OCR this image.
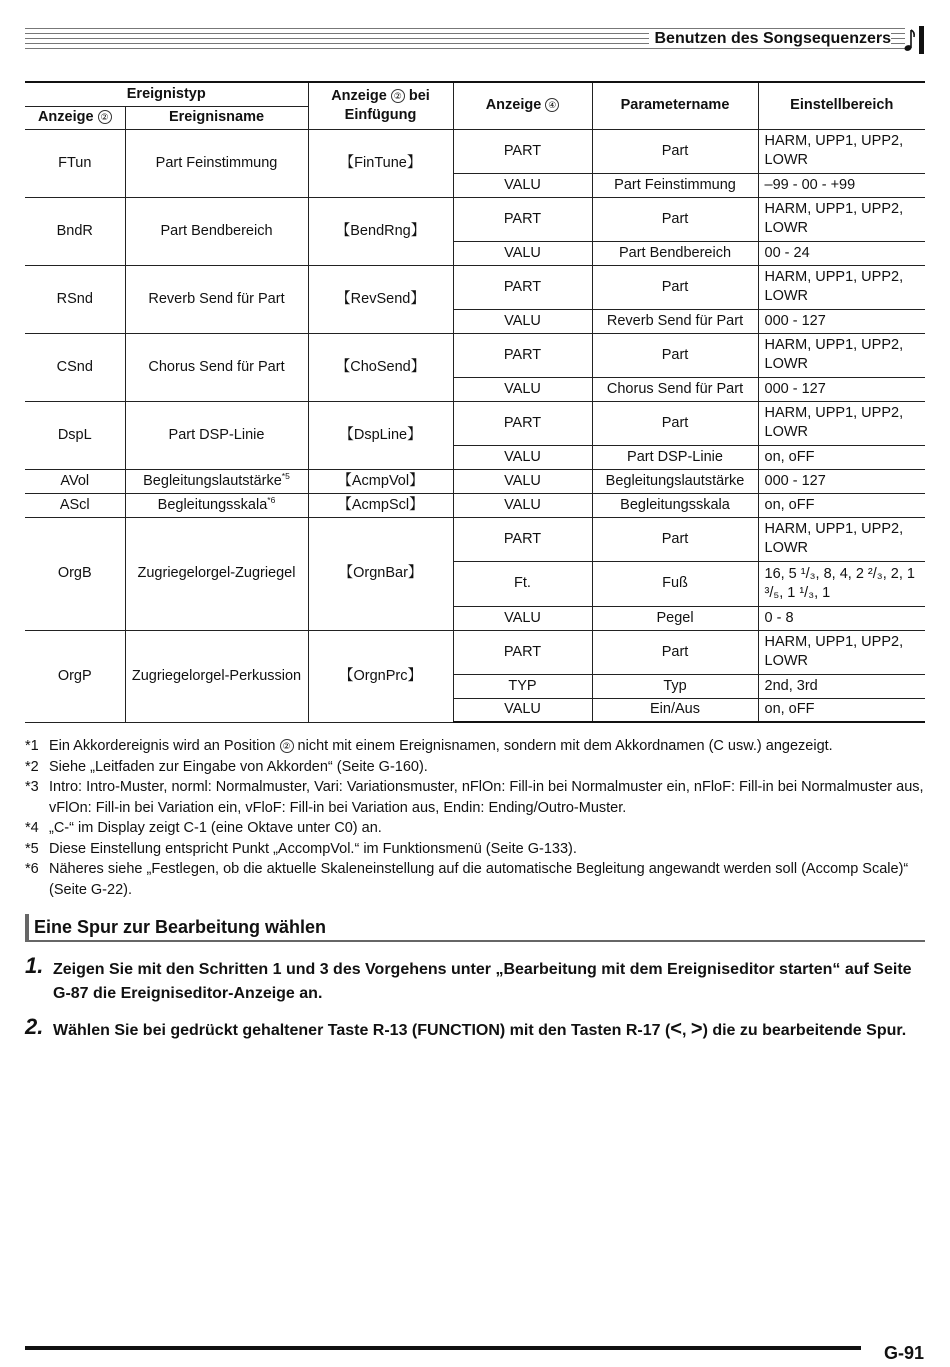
Benutzen des Songsequenzers
Ereignistyp		Anzeige ② bei Einfügung	Anzeige ④	Parametername	Einstellbereich
Anzeige ②	Ereignisname				
FTun	Part Feinstimmung	【FinTune】	PART	Part	HARM, UPP1, UPP2, LOWR
			VALU	Part Feinstimmung	–99 - 00 - +99
BndR	Part Bendbereich	【BendRng】	PART	Part	HARM, UPP1, UPP2, LOWR
			VALU	Part Bendbereich	00 - 24
RSnd	Reverb Send für Part	【RevSend】	PART	Part	HARM, UPP1, UPP2, LOWR
			VALU	Reverb Send für Part	000 - 127
CSnd	Chorus Send für Part	【ChoSend】	PART	Part	HARM, UPP1, UPP2, LOWR
			VALU	Chorus Send für Part	000 - 127
DspL	Part DSP-Linie	【DspLine】	PART	Part	HARM, UPP1, UPP2, LOWR
			VALU	Part DSP-Linie	on, oFF
AVol	Begleitungslautstärke$^{*5}$	【AcmpVol】	VALU	Begleitungslautstärke	000 - 127
AScl	Begleitungsskala$^{*6}$	【AcmpScl】	VALU	Begleitungsskala	on, oFF
OrgB	Zugriegelorgel-Zugriegel	【OrgnBar】	PART	Part	HARM, UPP1, UPP2, LOWR
			Ft.	Fuß	16, 5 ¹/₃, 8, 4, 2 ²/₃, 2, 1 ³/₅, 1 ¹/₃, 1
			VALU	Pegel	0 - 8
OrgP	Zugriegelorgel-Perkussion	【OrgnPrc】	PART	Part	HARM, UPP1, UPP2, LOWR
			TYP	Typ	2nd, 3rd
			VALU	Ein/Aus	on, oFF
*1 Ein Akkordereignis wird an Position ② nicht mit einem Ereignisnamen, sondern mit dem Akkordnamen (C usw.) angezeigt.
*2 Siehe „Leitfaden zur Eingabe von Akkorden“ (Seite G-160).
*3 Intro: Intro-Muster, norml: Normalmuster, Vari: Variationsmuster, nFlOn: Fill-in bei Normalmuster ein, nFloF: Fill-in bei Normalmuster aus, vFlOn: Fill-in bei Variation ein, vFloF: Fill-in bei Variation aus, Endin: Ending/Outro-Muster.
*4 „C-“ im Display zeigt C-1 (eine Oktave unter C0) an.
*5 Diese Einstellung entspricht Punkt „AccompVol.“ im Funktionsmenü (Seite G-133).
*6 Näheres siehe „Festlegen, ob die aktuelle Skaleneinstellung auf die automatische Begleitung angewandt werden soll (Accomp Scale)“ (Seite G-22).
Eine Spur zur Bearbeitung wählen
1. Zeigen Sie mit den Schritten 1 und 3 des Vorgehens unter „Bearbeitung mit dem Ereigniseditor starten“ auf Seite G-87 die Ereigniseditor-Anzeige an.
2. Wählen Sie bei gedrückt gehaltener Taste R-13 (FUNCTION) mit den Tasten R-17 (<, >) die zu bearbeitende Spur.
G-91
